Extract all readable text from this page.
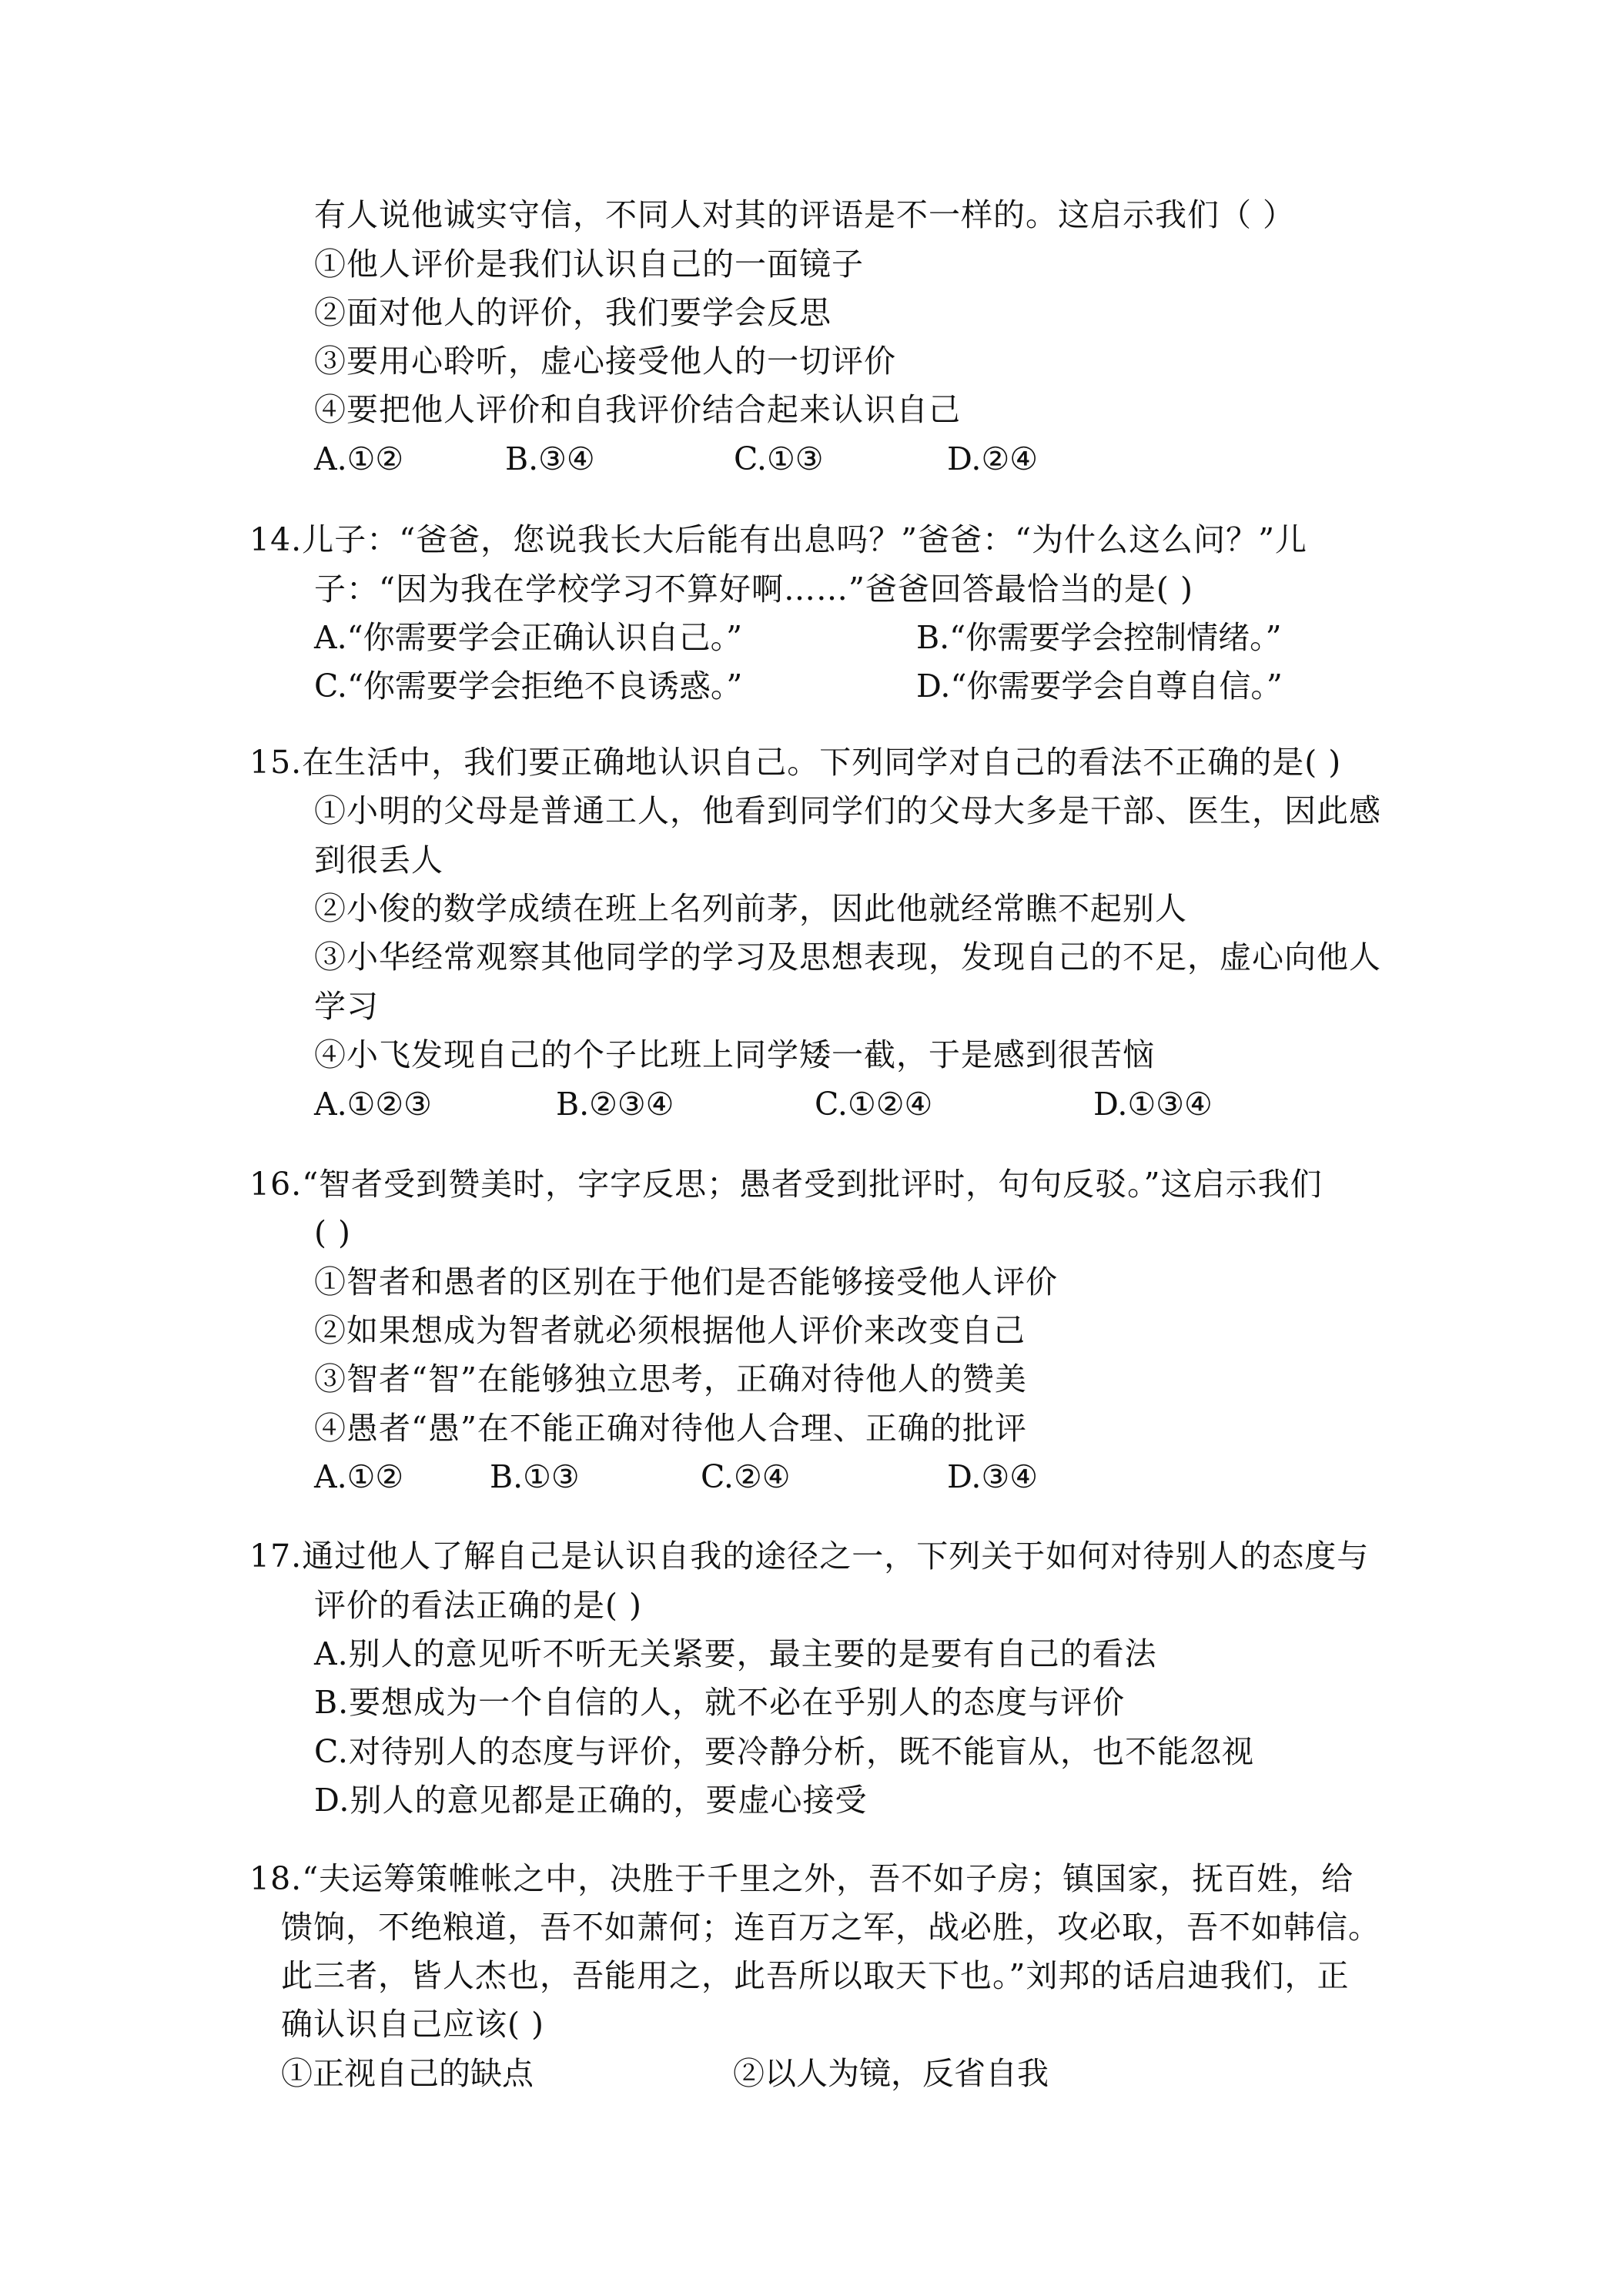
有人说他诚实守信，不同人对其的评语是不一样的。这启示我们（ ）
①他人评价是我们认识自己的一面镜子
②面对他人的评价，我们要学会反思
③要用心聆听，虚心接受他人的一切评价
④要把他人评价和自我评价结合起来认识自己
A.①②	B.③④	C.①③	D.②④
14.儿子：“爸爸，您说我长大后能有出息吗？”爸爸：“为什么这么问？”儿
子：“因为我在学校学习不算好啊……”爸爸回答最恰当的是( )
A.“你需要学会正确认识自己。”	B.“你需要学会控制情绪。”
C.“你需要学会拒绝不良诱惑。”	D.“你需要学会自尊自信。”
15.在生活中，我们要正确地认识自己。下列同学对自己的看法不正确的是( )
①小明的父母是普通工人，他看到同学们的父母大多是干部、医生，因此感
到很丢人
②小俊的数学成绩在班上名列前茅，因此他就经常瞧不起别人
③小华经常观察其他同学的学习及思想表现，发现自己的不足，虚心向他人
学习
④小飞发现自己的个子比班上同学矮一截，于是感到很苦恼
A.①②③	B.②③④	C.①②④	D.①③④
16.“智者受到赞美时，字字反思；愚者受到批评时，句句反驳。”这启示我们
( )
①智者和愚者的区别在于他们是否能够接受他人评价
②如果想成为智者就必须根据他人评价来改变自己
③智者“智”在能够独立思考，正确对待他人的赞美
④愚者“愚”在不能正确对待他人合理、正确的批评
A.①②	B.①③	C.②④	D.③④
17.通过他人了解自己是认识自我的途径之一，下列关于如何对待别人的态度与
评价的看法正确的是( )
A.别人的意见听不听无关紧要，最主要的是要有自己的看法
B.要想成为一个自信的人，就不必在乎别人的态度与评价
C.对待别人的态度与评价，要冷静分析，既不能盲从，也不能忽视
D.别人的意见都是正确的，要虚心接受
18.“夫运筹策帷帐之中，决胜于千里之外，吾不如子房；镇国家，抚百姓，给
馈饷，不绝粮道，吾不如萧何；连百万之军，战必胜，攻必取，吾不如韩信。
此三者，皆人杰也，吾能用之，此吾所以取天下也。”刘邦的话启迪我们，正
确认识自己应该( )
①正视自己的缺点	②以人为镜，反省自我
